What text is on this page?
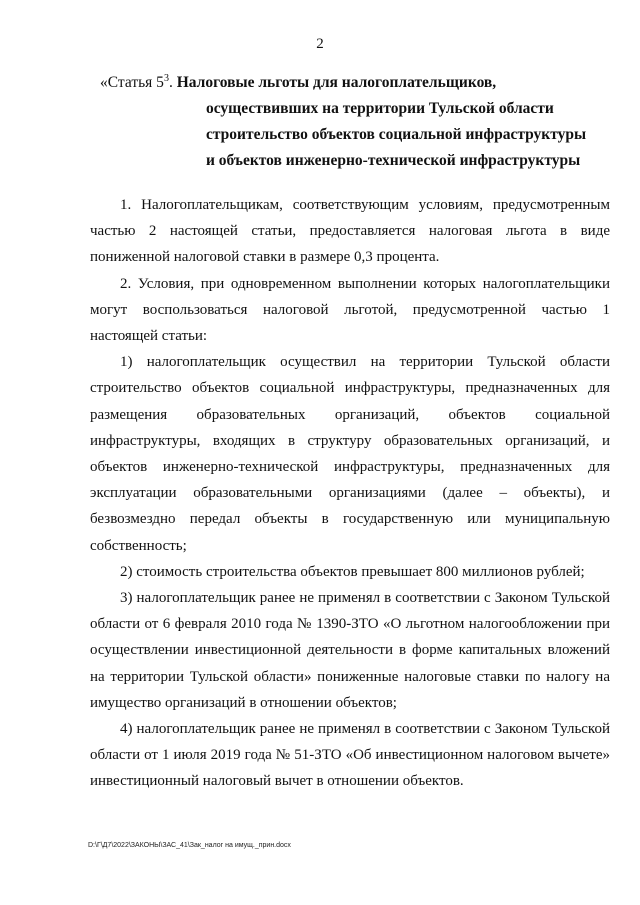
2
«Статья $5^3$. Налоговые льготы для налогоплательщиков,
осуществивших на территории Тульской области
строительство объектов социальной инфраструктуры
и объектов инженерно-технической инфраструктуры

1. Налогоплательщикам, соответствующим условиям, предусмотренным частью 2 настоящей статьи, предоставляется налоговая льгота в виде пониженной налоговой ставки в размере 0,3 процента.

2. Условия, при одновременном выполнении которых налогоплательщики могут воспользоваться налоговой льготой, предусмотренной частью 1 настоящей статьи:

1) налогоплательщик осуществил на территории Тульской области строительство объектов социальной инфраструктуры, предназначенных для размещения образовательных организаций, объектов социальной инфраструктуры, входящих в структуру образовательных организаций, и объектов инженерно-технической инфраструктуры, предназначенных для эксплуатации образовательными организациями (далее – объекты), и безвозмездно передал объекты в государственную или муниципальную собственность;

2) стоимость строительства объектов превышает 800 миллионов рублей;

3) налогоплательщик ранее не применял в соответствии с Законом Тульской области от 6 февраля 2010 года № 1390-ЗТО «О льготном налогообложении при осуществлении инвестиционной деятельности в форме капитальных вложений на территории Тульской области» пониженные налоговые ставки по налогу на имущество организаций в отношении объектов;

4) налогоплательщик ранее не применял в соответствии с Законом Тульской области от 1 июля 2019 года № 51-ЗТО «Об инвестиционном налоговом вычете» инвестиционный налоговый вычет в отношении объектов.

D:\Г\Д7\2022\ЗАКОНЫ\ЗАС_41\Зак_налог на имущ._прин.docx
